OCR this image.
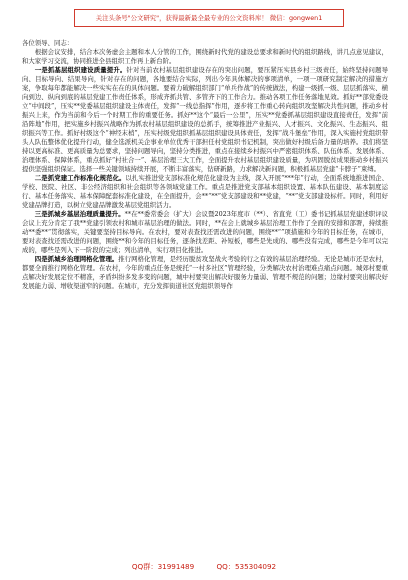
关注头条号"公文研究"，获得最新最全最专业的公文资料库！ 微信：gongwen1

各位领导、同志：

根据会议安排，结合本次务虚会主题和本人分管的工作，围绕新时代党的建设总要求和新时代的组织路线，讲几点意见建议，和大家学习交流，协同推进全县组织工作再上新台阶。

一是抓基层组织建设质量提升。针对当前农村基层组织建设存在的突出问题，要压紧压实县乡村三级责任，始终坚持问题导向、目标导向、结果导向，针对存在的问题，各地要结合实际，列出今年具体解决的事项清单，一项一项研究制定解决的措施方案，争取每年都能解决一些实实在在的具体问题。要着力破解组织部门“单兵作战”的传统做法，构建一级抓一级、层层抓落实、横向到边、纵向到底的基层党建工作责任体系，形成齐抓共管、多管齐下的工作合力。推动各项工作任务落地见效。抓好**部党委设立“中间段”，压实**党委基层组织建设主体责任，发挥“一线总指挥”作用，逐步将工作重心转向组织攻坚解决共性问题，推动乡村振兴上来，作为当前和今后一个时期工作的重要任务。抓好**这个“最后一公里”，压实**党委抓基层组织建设直接责任，发挥“前沿阵地”作用，把实施乡村振兴战略作为抓农村基层组织建设的总抓手，统筹推进产业振兴、人才振兴、文化振兴、生态振兴、组织振兴等工作。抓好村级这个“神经末梢”，压实村级党组织抓基层组织建设具体责任，发挥“战斗堡垒”作用，深入实施村党组织带头人队伍整体优化提升行动，健全选派机关企事业单位优秀干部担任村党组织书记机制，突出做好村级后备力量的培养。我们将坚持以更高标准、更高质量为总要求，坚持问题导向，坚持分类推进，重点在接续乡村振兴中严密组织体系、队伍体系、发展体系、治理体系、保障体系，重点抓好“村社合一”、基层治理三大工作，全面提升农村基层组织建设质量，为巩固脱贫成果推动乡村振兴提供坚强组织保证。选择一些关键领域持续开展，不断丰富落实，钻研新路，力求解决新问题，积极抓基层党建“卡脖子”束缚。

二是抓党建工作标准化规范化。以扎实推进党支部标准化规范化建设为主线，深入开展“***年”行动，全面系统地推进国企、学校、医院、社区、非公经济组织和社会组织等各领域党建工作。重点是推进党支部基本组织设置、基本队伍建设、基本制度运行、基本任务落实、基本保障配套标准化建设，在全面提升，会**“**”党支部建设和**党建，“**”党支部建设标杆。同时，利用好党建品牌打造，以树立党建品牌激发基层党组织活力。

三是抓城乡基层治理质量提升。**在**委常委会（扩大）会议暨2023年度市（**）、省直党（工）委书记抓基层党建述职评议会议上充分肯定了我**党建引领农村和城市基层治理的做法。同时，**在会上就城乡基层治理工作作了全面的安排和部署，持续推动**委**“贯彻落实，关键要坚持目标导向。在农村，要对表查找还需改进的问题，围绕**“”项措施和今年的目标任务，在城市，要对表查找还需改进的问题，围绕**和今年的目标任务，逐条找差距、补短板，哪些是先成的、哪些没有完成，哪些是今年可以完成的，哪些是列入下一阶段的完成；列出清单，实行项目化推进。

四是抓城乡治理网格化管理。推行网格化管理，是经历脱贫攻坚战火考验的行之有效的基层治理经验。无论是城市还是农村，都要全面推行网格化管理。在农村，今年的重点任务是统托“一村多社区”管理经验，分类解决农村治理难点痛点问题。城郊村要重点解决好发展定位不精准，矛盾纠纷多发多变的问题，城中村要突出解决好服务力量弱、管理不规范的问题；边缘村要突出解决好发展能力弱、增收渠道窄的问题。在城市，充分发挥街道社区党组织领导作

QQ群：31991489	QQ：535304092
